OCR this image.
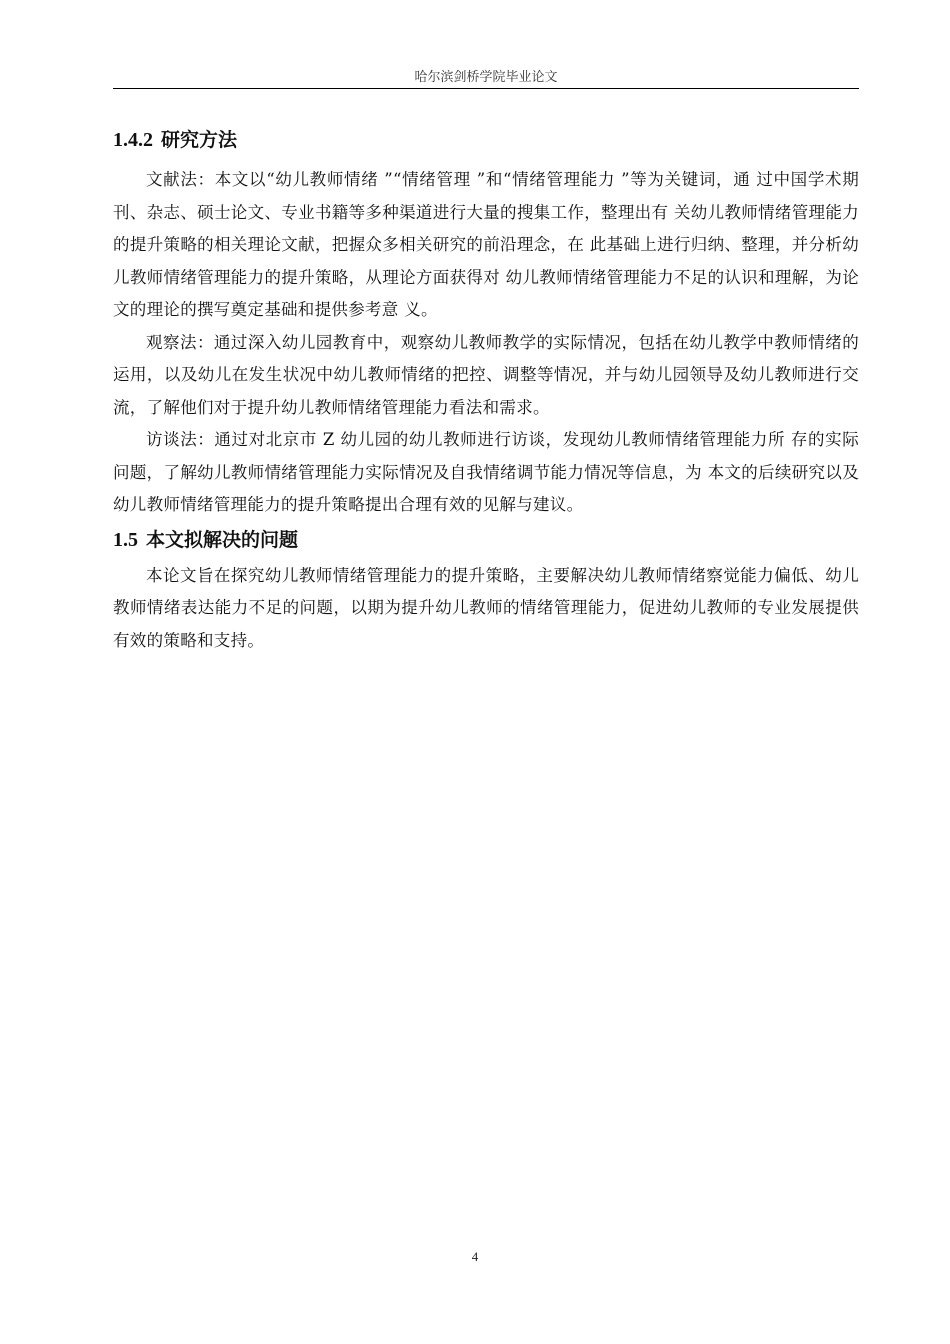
哈尔滨剑桥学院毕业论文
1.4.2 研究方法

文献法：本文以“幼儿教师情绪 ”“情绪管理 ”和“情绪管理能力 ”等为关键词，通 过中国学术期刊、杂志、硕士论文、专业书籍等多种渠道进行大量的搜集工作，整理出有 关幼儿教师情绪管理能力的提升策略的相关理论文献，把握众多相关研究的前沿理念，在 此基础上进行归纳、整理，并分析幼儿教师情绪管理能力的提升策略，从理论方面获得对 幼儿教师情绪管理能力不足的认识和理解，为论文的理论的撰写奠定基础和提供参考意 义。

观察法：通过深入幼儿园教育中，观察幼儿教师教学的实际情况，包括在幼儿教学中教师情绪的运用，以及幼儿在发生状况中幼儿教师情绪的把控、调整等情况，并与幼儿园领导及幼儿教师进行交流，了解他们对于提升幼儿教师情绪管理能力看法和需求。

访谈法：通过对北京市 Z 幼儿园的幼儿教师进行访谈，发现幼儿教师情绪管理能力所 存的实际问题，了解幼儿教师情绪管理能力实际情况及自我情绪调节能力情况等信息，为 本文的后续研究以及幼儿教师情绪管理能力的提升策略提出合理有效的见解与建议。

1.5 本文拟解决的问题

本论文旨在探究幼儿教师情绪管理能力的提升策略，主要解决幼儿教师情绪察觉能力偏低、幼儿教师情绪表达能力不足的问题，以期为提升幼儿教师的情绪管理能力，促进幼儿教师的专业发展提供有效的策略和支持。

4
